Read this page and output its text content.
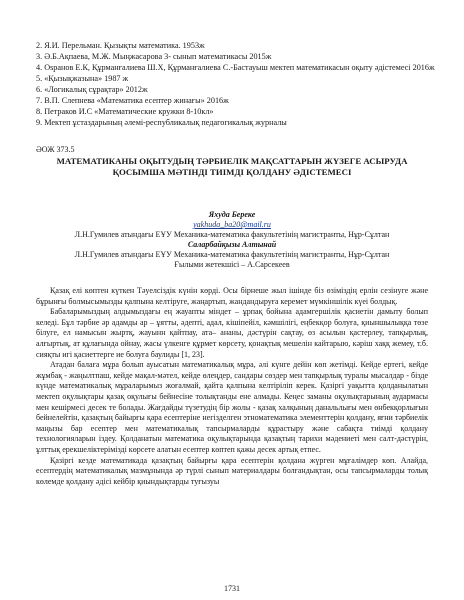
2. Я.И. Перельман. Қызықты математика. 1953ж
3. Ә.Б.Ақпаева, М.Ж. Мыңжасарова 3- сынып математикасы 2015ж
4. Ospанов Е.К, Құрманғалиева Ш.Х, Құрманғалиева С.-Бастауыш мектеп математикасын оқыту әдістемесі 2016ж
5. «Қызықжазынa» 1987 ж
6. «Логикалық сұрақтар» 2012ж
7. В.П. Слепнева «Математика есептер жинағы» 2016ж
8. Петраков И.С «Математические кружки 8-10кл»
9. Мектеп ұстаздарының әлемі-республикалық педагогикалық журналы
ӘОЖ 373.5
МАТЕМАТИКАНЫ ОҚЫТУДЫҢ ТӘРБИЕЛІК МАҚСАТТАРЫН ЖҮЗЕГЕ АСЫРУДА ҚОСЫМША МӘТІНДІ ТИІМДІ ҚОЛДАНУ ӘДІСТЕМЕСІ
Яхуда Береке
yakhuda_ba20@mail.ru
Л.Н.Гумилев атындағы ЕҰУ Механика-математика факультетінің магистранты, Нұр-Сұлтан
Саларбайқызы Алтынай
Л.Н.Гумилев атындағы ЕҰУ Механика-математика факультетінің магистранты, Нұр-Сұлтан
Ғылыми жетекшісі – А.Сарсекеев

Қазақ елі көптен күткен Тәуелсіздік күнін көрді. Осы бірнеше жыл ішінде біз өзіміздің ерлін сезінуге және бұрынғы болмысымызды қалпына келтіруге, жаңартып, жандандыруға керемет мүмкіншілік күеі болдық.

Бабаларымыздың алдымыздағы ең жауапты міндет – ұрпақ бойына адамгершілік қасиетін дамыту болып келеді. Бұл тәрбие әр адамды ар – ұятты, әдепті, адал, кішіпейіл, кәмшілігі, еңбекқор болуға, қиыншылыққа төзе білуге, ел намысын жыртқ, жауынн қайтпау, ата– ананы, дәстүрін сақтау, өз асылын қастерлеу, тапқырлық, алғыртық, ат құлағында ойнау, жасы үлкенге құрмет көрсету, қонақтық мешелін кайтарыю, кәріш хаққ жемеу, т.б. сияқты игі қасиеттерге ие болуға баулиды [1, 23].

Атадан балаға мұра болып ауысатын математикалық мұра, әлі күнге дейін көп жетімді. Кейде ертегі, кейде жұмбақ - жаңылтпаш, кейде мақал-мәтел, кейде өлеңдер, сандары сөздер мен тапқырлық туралы мысалдар - бізде күнде математикалық мұраларымыз жоғалмай, қайта қалпына келтіріліп керек. Қазіргі уақытта қолданылатын мектеп оқулықтары қазақ оқулығы бейнесіне толықтанды ене алмады. Кеңес заманы оқулықтарының аудармасы мен кешірмесі десек те болады. Жағдайды түзетудің бір жолы - қазақ халқының данальлығы мен өнбекқорлығын бейнелейтін, қазақтың байырғы қара есептеріне негізделген этноматематика элементтерін қолдану, яғни тәрбиелік маңызы бар есептер мен математикалық тапсырмаларды құрастыру және сабақта тиімді қолдану технологияларын іздеу. Қолданатын математика оқулықтарында қазақтың тарихи мәдениеті мен салт-дәстүрін, ұлттық ерекшеліктерімізді көрсете алатын есептер көптеп қажы десек артық етпес.

Қазіргі кезде математикада қазақтың байырғы қара есептерін қолдана жүрген мұғалімдер көп. Алайда, есептердің математикалық мазмұнында әр түрлі сынып материалдары болғандықтан, осы тапсырмаларды толық көлемде қолдану әдісі кейбір қиындықтарды туғызуы

1731
